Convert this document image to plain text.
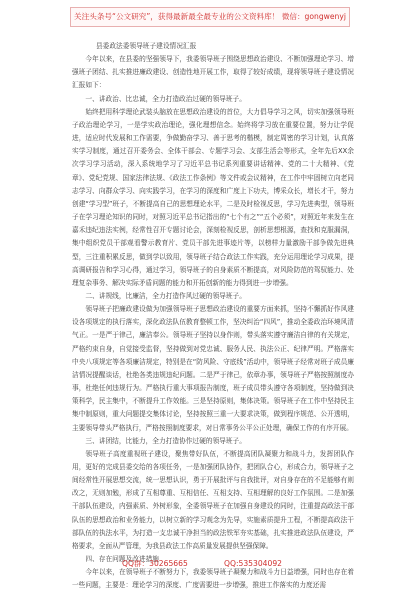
关注头条号“公文研究”，获得最新最全最专业的公文资料库！ 微信：gongwenyj

县委政法委领导班子建设情况汇报

今年以来，在县委的坚强领导下，我委领导班子围绕思想政治建设、不断加强理论学习、增强班子团结、扎实推进廉政建设、创造性地开展工作，取得了较好成绩，现将领导班子建设情况汇报如下：

一、讲政治、比忠诚，全力打造政治过硬的领导班子。

始终把用科学理论武装头脑放在思想政治建设的首位，大力倡导学习之风，切实加强领导班子政治理论学习，一是学实政治理论，强化理想信念。始终将学习放在重要位置，努力让学促进，适应时代发展和工作需要，争做勤奋学习、善于思考的楷模，制定周密的学习计划，认真落实学习制度，通过召开委务会、全体干部会、专题学习会、支部生活会等形式，全年先后XX余次学习学习活动，深入系统地学习了习近平总书记系列重要讲话精神、党的二十大精神、《党章》、党纪党规、国家法律法规、《政法工作条例》等文件或会议精神，在工作中牢固树立向老同志学习、向群众学习、向实践学习，在学习的深度和广度上下功夫，博采众长，增长才干，努力创建“学习型”班子，不断提高自己的思想理论水平，二是及时检视反思，学习先进典型，领导班子在学习理论知识的同时，对照习近平总书记指出的“七个有之”“五个必须”，对照近年来发生在嘉禾违纪违法实例，经常性召开专题讨论会，深刻检视反思，剖析思想根源，查找和克服漏洞，集中组织党员干部观看警示教育片、党员干部先进事迹片等，以榜样力量激励干部争做先进典型，三注重积累反思，做到学以致用，领导班子结合政法工作实践，充分运用理论学习成果，提高调研报告和学习心得，通过学习，领导班子的自身素质不断提高，对风险防范的驾驭能力、处理复杂事务、解决实际矛盾问题的能力和开拓创新的能力得到进一步增强。

二、讲规线，比廉洁，全力打造作风过硬的领导班子。

领导班子把廉政建设做为加强领导班子思想政治建设的重要方面来抓，坚持不懈抓好作风建设各项规定的执行落实，深化政法队伍教育整顿工作，坚决纠治“四风”，推动全委政治环境风清气正。一是严于律己，廉洁奉公。领导班子坚持以身作则，带头落实遵守廉洁自律的有关规定，严格约束自身，自觉接受监督，坚持做到对党忠诚、服务人民、执法公正、纪律严明。严格落实中央八项规定等各项廉洁规定，特别是在“防风险、守底线”活动中，领导班子经常对班子成员廉洁情况提醒谈话，杜绝各类违规违纪问题。二是严于律己，依章办事，领导班子严格按照制度办事，杜绝任何违规行为。严格执行重大事项报告制度，班子成员带头遵守各项制度，坚持做到决策科学，民主集中，不断提升工作效能。三是坚持原则，集体决策。领导班子在工作中坚持民主集中制原则，重大问题提交集体讨论，坚持按照三重一大要求决策，做到程序规范、公开透明，主要领导带头严格执行，严格按照制度要求，对日常事务公平公正处理，确保工作的有序开展。

三、讲团结，比能力，全力打造协作过硬的领导班子。

领导班子高度重视班子建设，聚焦带好队伍，不断提高团队凝聚力和战斗力，发挥团队作用，更好的完成县委交给的各项任务，一是加强团队协作，把团队合心，形成合力，领导班子之间经常性开展思想交流，统一思想认识，勇于开展批评与自我批评，对自身存在的不足能够有则改之，无则加勉，形成了互相尊重、互相信任、互相支持、互相理解的良好工作氛围。二是加强干部队伍建设，内强素质、外树形象，全委领导班子在加强自身建设的同时，注重提高政法干部队伍的思想政治和业务能力，以树立新的学习观念为先导，实施素质提升工程，不断提高政法干部队伍的执法水平，为打造一支忠诚干净担当的政法铁军夯实基础，扎实推进政法队伍建设，严格要求，全面从严管理，为我县政法工作高质量发展提供坚强保障。

四、存在问题及改进措施

今年以来，在领导班子不断努力下，我委领导班子凝聚力和战斗力日益增强，同时也存在着一些问题，主要是：理论学习的深度、广度需要进一步增强，推进工作落实的力度还需

QQ群：30265665	QQ:535304092
